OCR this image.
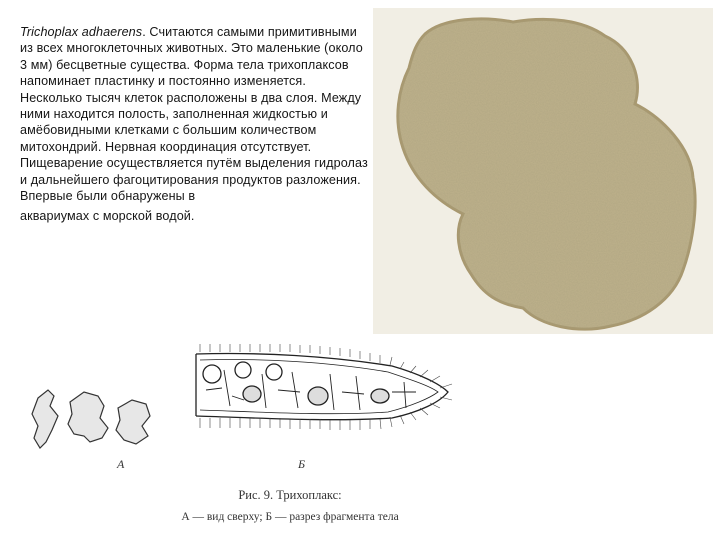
Trichoplax adhaerens. Считаются самыми примитивными из всех многоклеточных животных. Это маленькие (около 3 мм) бесцветные существа. Форма тела трихоплаксов напоминает пластинку и постоянно изменяется. Несколько тысяч клеток расположены в два слоя. Между ними находится полость, заполненная жидкостью и амёбовидными клетками с большим количеством митохондрий. Нервная координация отсутствует. Пищеварение осуществляется путём выделения гидролаз и дальнейшего фагоцитирования продуктов разложения. Впервые были обнаружены в
аквариумах с морской водой.
А	Б
Рис. 9. Трихоплакс:
А — вид сверху; Б — разрез фрагмента тела
